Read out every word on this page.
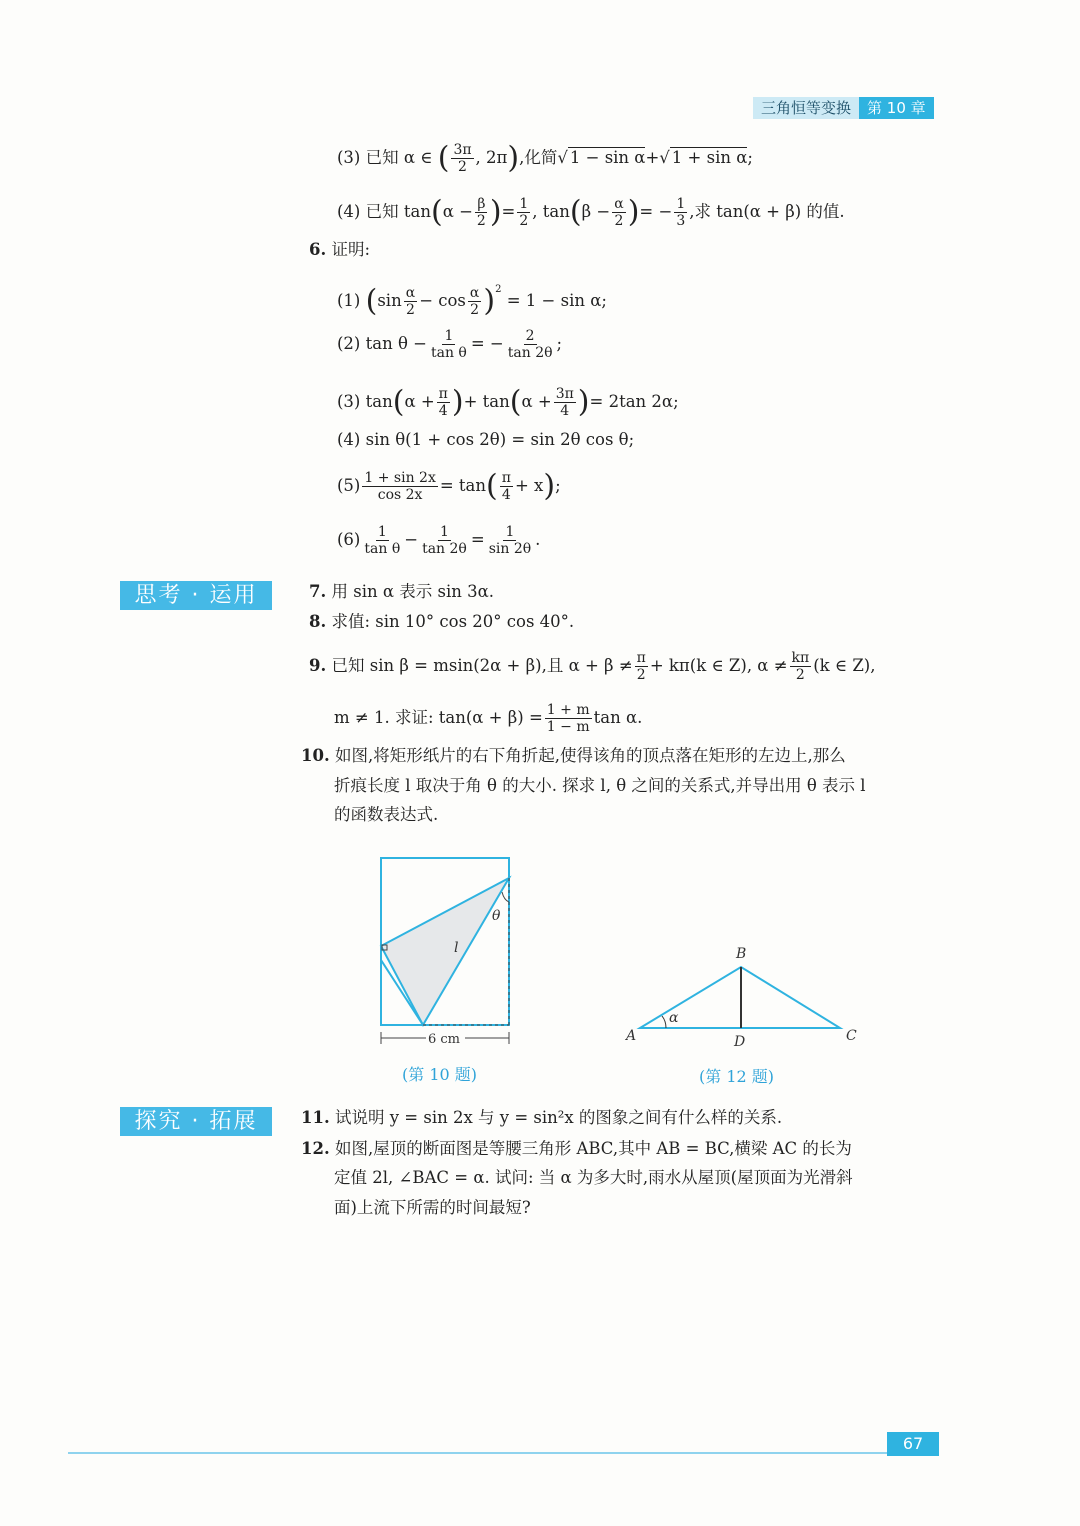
三角恒等变换	第 10 章
(3) 已知 α ∈ ( $\frac{3\pi}{2}$ , 2π),化简√ 1 − sin α+√ 1 + sin α;
(4) 已知 $\tan(\alpha - \frac{\beta}{2}$ )= $\frac{1}{2}$ , $\tan(\beta - \frac{\alpha}{2}$ )= − $\frac{1}{3}$ ,求 tan(α + β) 的值.
6. 证明:
(1) $(\sin \frac{\alpha}{2} - \cos \frac{\alpha}{2} )^2 = 1 - \sin \alpha$;
(2) $\tan \theta - \frac{1}{\text{tan θ}}$ = − $\frac{2}{\tan 2\theta}$ ;
(3) $\tan(\alpha + \frac{\pi}{4}$ )+ $\tan(\alpha + \frac{3\pi}{4}$ )= 2tan 2α;
(4) sin θ(1 + cos 2θ) = sin 2θ cos θ;
$(5) \frac{1 + \sin 2x}{\cos 2x} = \tan( \frac{\pi}{4} + x)$;
$(6) \frac{1}{\text{tan θ}} - \frac{1}{\tan 2\theta} = \frac{1}{\sin 2\theta}$ .
思考 · 运用	7. 用 sin α 表示 sin 3α.
8. 求值: sin 10° cos 20° cos 40°.
9. 已知 sin β = msin(2α + β),且 $\alpha + \beta \ne \frac{\pi}{2} + k\pi(k$ ∈ Z), $\alpha \ne \frac{k\pi}{2} (k$ ∈ Z),
m ≠ 1. 求证: $\tan(\alpha + \beta) = \frac{1 + m}{1 - m}$ tan α.
10. 如图,将矩形纸片的右下角折起,使得该角的顶点落在矩形的左边上,那么
折痕长度 l 取决于角 θ 的大小. 探求 l, θ 之间的关系式,并导出用 θ 表示 l
的函数表达式.
θ
l
6 cm
(第 10 题)
B
A	C
D
α
(第 12 题)
探究 · 拓展	11. 试说明 y = sin 2x 与 y = sin²x 的图象之间有什么样的关系.
12. 如图,屋顶的断面图是等腰三角形 ABC,其中 AB = BC,横梁 AC 的长为
定值 2l, ∠BAC = α. 试问: 当 α 为多大时,雨水从屋顶(屋顶面为光滑斜
面)上流下所需的时间最短?
67
